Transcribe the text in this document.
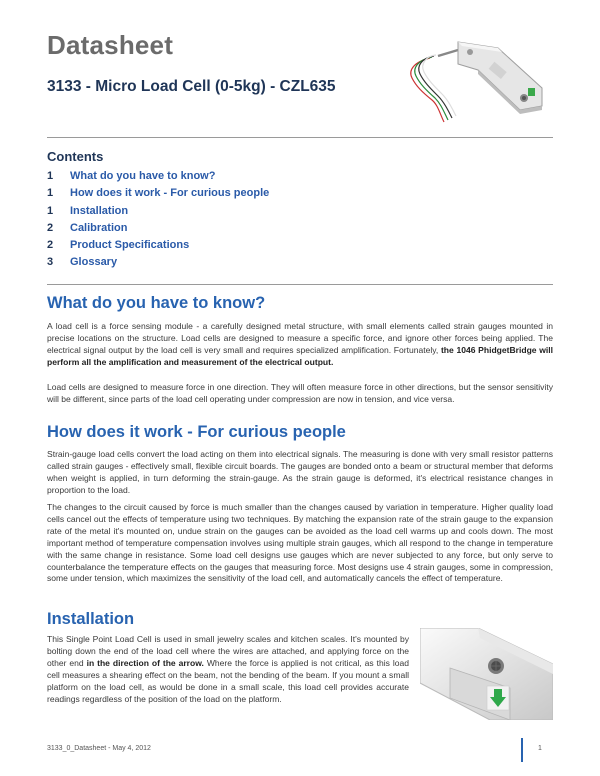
Datasheet
3133 - Micro Load Cell (0-5kg) - CZL635

Contents

1	What do you have to know?
1	How does it work - For curious people
1	Installation
2	Calibration
2	Product Specifications
3	Glossary
What do you have to know?

A load cell is a force sensing module - a carefully designed metal structure, with small elements called strain gauges mounted in precise locations on the structure. Load cells are designed to measure a specific force, and ignore other forces being applied. The electrical signal output by the load cell is very small and requires specialized amplification. Fortunately, the 1046 PhidgetBridge will perform all the amplification and measurement of the electrical output.

Load cells are designed to measure force in one direction. They will often measure force in other directions, but the sensor sensitivity will be different, since parts of the load cell operating under compression are now in tension, and vice versa.

How does it work - For curious people

Strain-gauge load cells convert the load acting on them into electrical signals. The measuring is done with very small resistor patterns called strain gauges - effectively small, flexible circuit boards. The gauges are bonded onto a beam or structural member that deforms when weight is applied, in turn deforming the strain-gauge. As the strain gauge is deformed, it's electrical resistance changes in proportion to the load.

The changes to the circuit caused by force is much smaller than the changes caused by variation in temperature. Higher quality load cells cancel out the effects of temperature using two techniques. By matching the expansion rate of the strain gauge to the expansion rate of the metal it's mounted on, undue strain on the gauges can be avoided as the load cell warms up and cools down. The most important method of temperature compensation involves using multiple strain gauges, which all respond to the change in temperature with the same change in resistance. Some load cell designs use gauges which are never subjected to any force, but only serve to counterbalance the temperature effects on the gauges that measuring force. Most designs use 4 strain gauges, some in compression, some under tension, which maximizes the sensitivity of the load cell, and automatically cancels the effect of temperature.

Installation

This Single Point Load Cell is used in small jewelry scales and kitchen scales. It's mounted by bolting down the end of the load cell where the wires are attached, and applying force on the other end in the direction of the arrow. Where the force is applied is not critical, as this load cell measures a shearing effect on the beam, not the bending of the beam. If you mount a small platform on the load cell, as would be done in a small scale, this load cell provides accurate readings regardless of the position of the load on the platform.

3133_0_Datasheet - May 4, 2012	1
